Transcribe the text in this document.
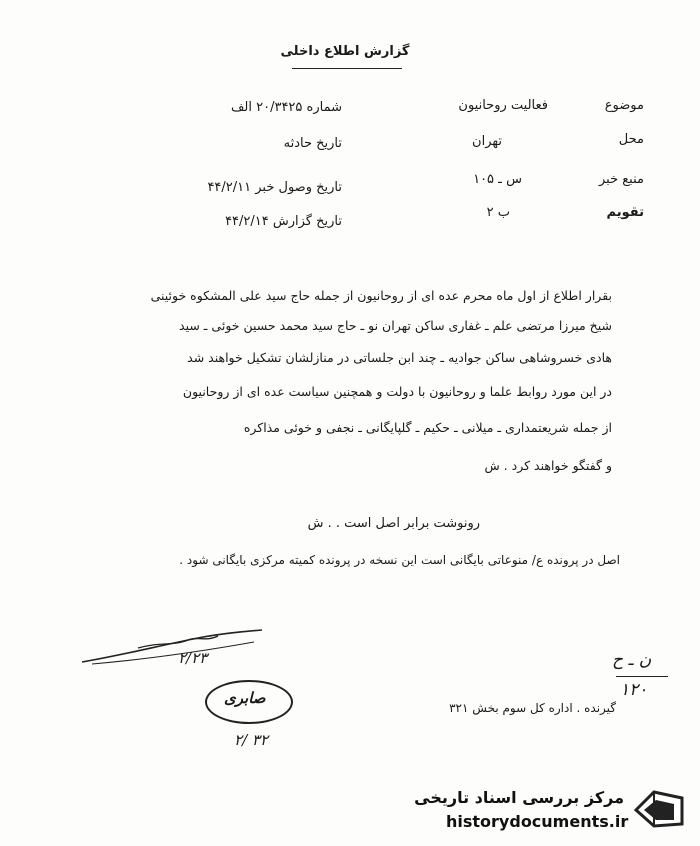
گزارش اطلاع داخلی
موضوع
فعالیت روحانیون
محل
تهران
منبع خبر
س ـ ۱۰۵
تقویم
ب ۲
شماره ۲۰/۳۴۲۵ الف
تاریخ حادثه
تاریخ وصول خبر ۴۴/۲/۱۱
تاریخ گزارش ۴۴/۲/۱۴
بقرار اطلاع از اول ماه محرم عده ای از روحانیون از جمله حاج سید علی المشکوه خوئینی
شیخ میرزا مرتضی علم ـ غفاری ساکن تهران نو ـ حاج سید محمد حسین خوئی ـ سید
هادی خسروشاهی ساکن جوادیه ـ چند ابن جلساتی در منازلشان تشکیل خواهند شد
در این مورد روابط علما و روحانیون با دولت و همچنین سیاست عده ای از روحانیون
از جمله شریعتمداری ـ میلانی ـ حکیم ـ گلپایگانی ـ نجفی و خوئی مذاکره
و گفتگو خواهند کرد . ش
رونوشت برابر اصل است . . ش
اصل در پرونده ع/ منوعاتی بایگانی است این نسخه در پرونده کمیته مرکزی بایگانی شود .
۲/۲۳
صابری
۳۲ /۲
ن ـ ح
۱۲۰
گیرنده . اداره کل سوم بخش ۳۲۱
مرکز بررسی اسناد تاریخی
historydocuments.ir
